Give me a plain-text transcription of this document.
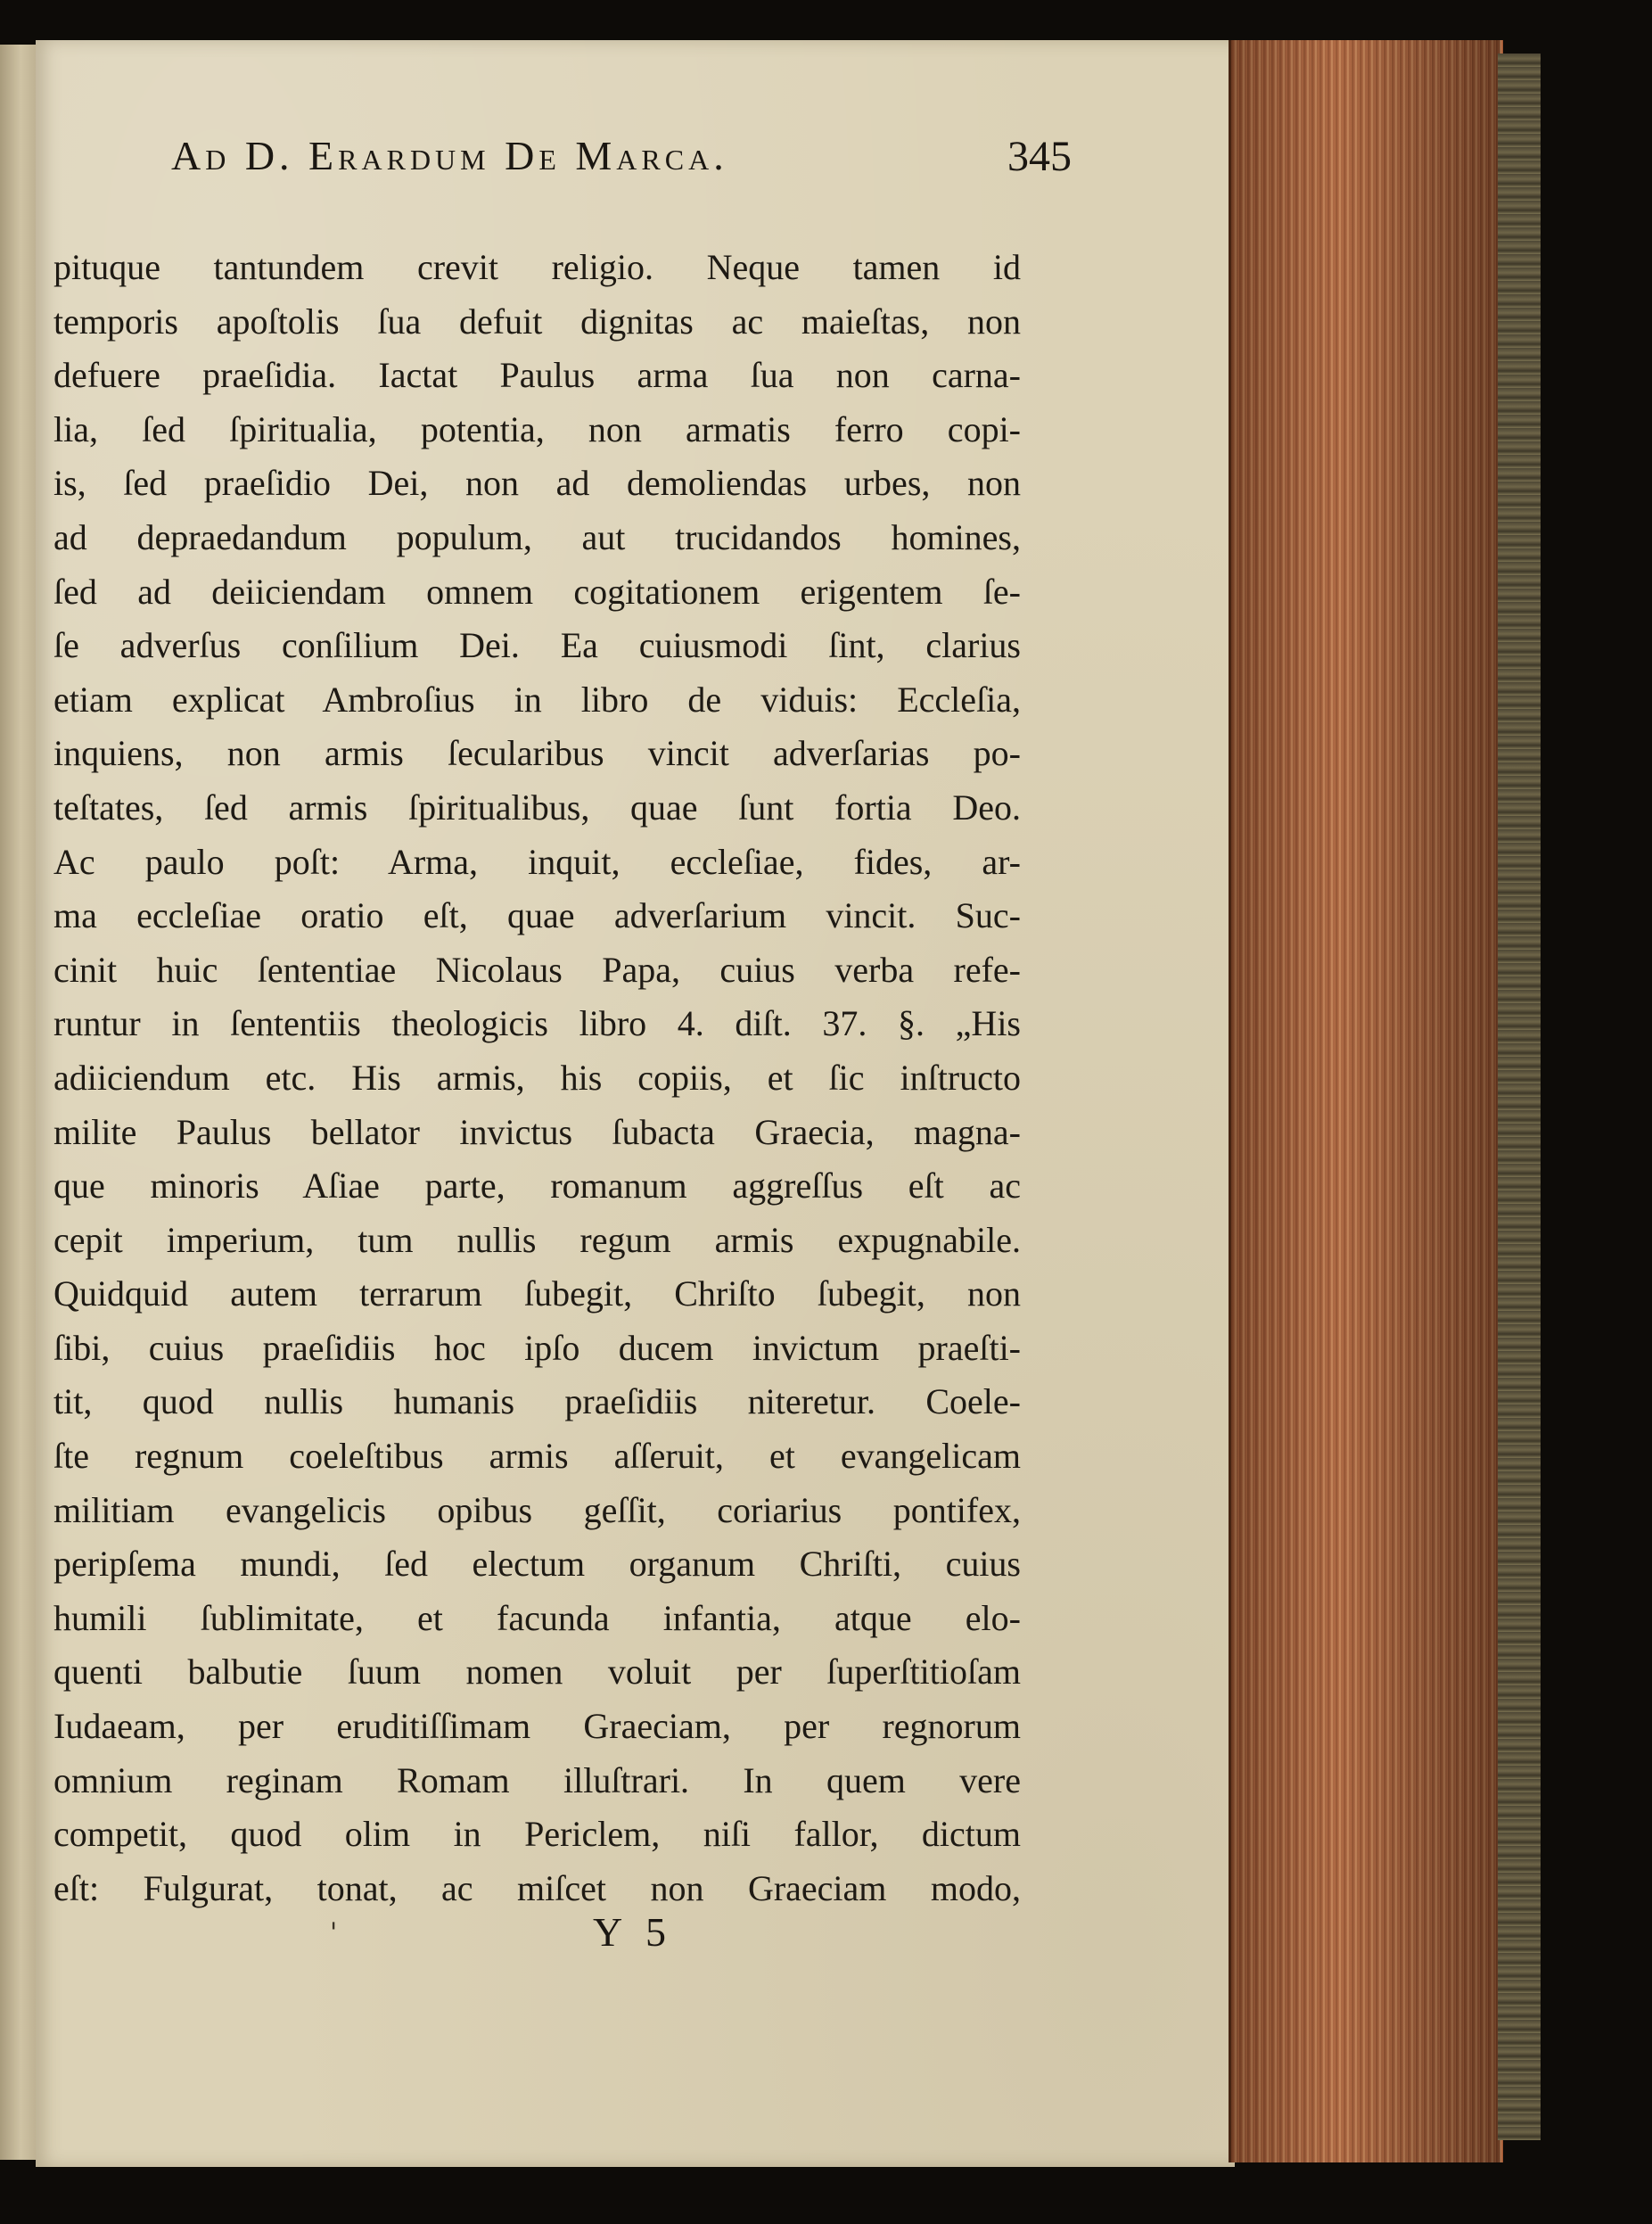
Ad D. Erardum De Marca.	345
pituque tantundem crevit religio. Neque tamen id
temporis apoſtolis ſua defuit dignitas ac maieſtas, non
defuere praeſidia. Iactat Paulus arma ſua non carna-
lia, ſed ſpiritualia, potentia, non armatis ferro copi-
is, ſed praeſidio Dei, non ad demoliendas urbes, non
ad depraedandum populum, aut trucidandos homines,
ſed ad deiiciendam omnem cogitationem erigentem ſe-
ſe adverſus conſilium Dei. Ea cuiusmodi ſint, clarius
etiam explicat Ambroſius in libro de viduis: Eccleſia,
inquiens, non armis ſecularibus vincit adverſarias po-
teſtates, ſed armis ſpiritualibus, quae ſunt fortia Deo.
Ac paulo poſt: Arma, inquit, eccleſiae, fides, ar-
ma eccleſiae oratio eſt, quae adverſarium vincit. Suc-
cinit huic ſententiae Nicolaus Papa, cuius verba refe-
runtur in ſententiis theologicis libro 4. diſt. 37. §. „His
adiiciendum etc. His armis, his copiis, et ſic inſtructo
milite Paulus bellator invictus ſubacta Graecia, magna-
que minoris Aſiae parte, romanum aggreſſus eſt ac
cepit imperium, tum nullis regum armis expugnabile.
Quidquid autem terrarum ſubegit, Chriſto ſubegit, non
ſibi, cuius praeſidiis hoc ipſo ducem invictum praeſti-
tit, quod nullis humanis praeſidiis niteretur. Coele-
ſte regnum coeleſtibus armis aſſeruit, et evangelicam
militiam evangelicis opibus geſſit, coriarius pontifex,
peripſema mundi, ſed electum organum Chriſti, cuius
humili ſublimitate, et facunda infantia, atque elo-
quenti balbutie ſuum nomen voluit per ſuperſtitioſam
Iudaeam, per eruditiſſimam Graeciam, per regnorum
omnium reginam Romam illuſtrari. In quem vere
competit, quod olim in Periclem, niſi fallor, dictum
eſt: Fulgurat, tonat, ac miſcet non Graeciam modo,
'	Y 5
